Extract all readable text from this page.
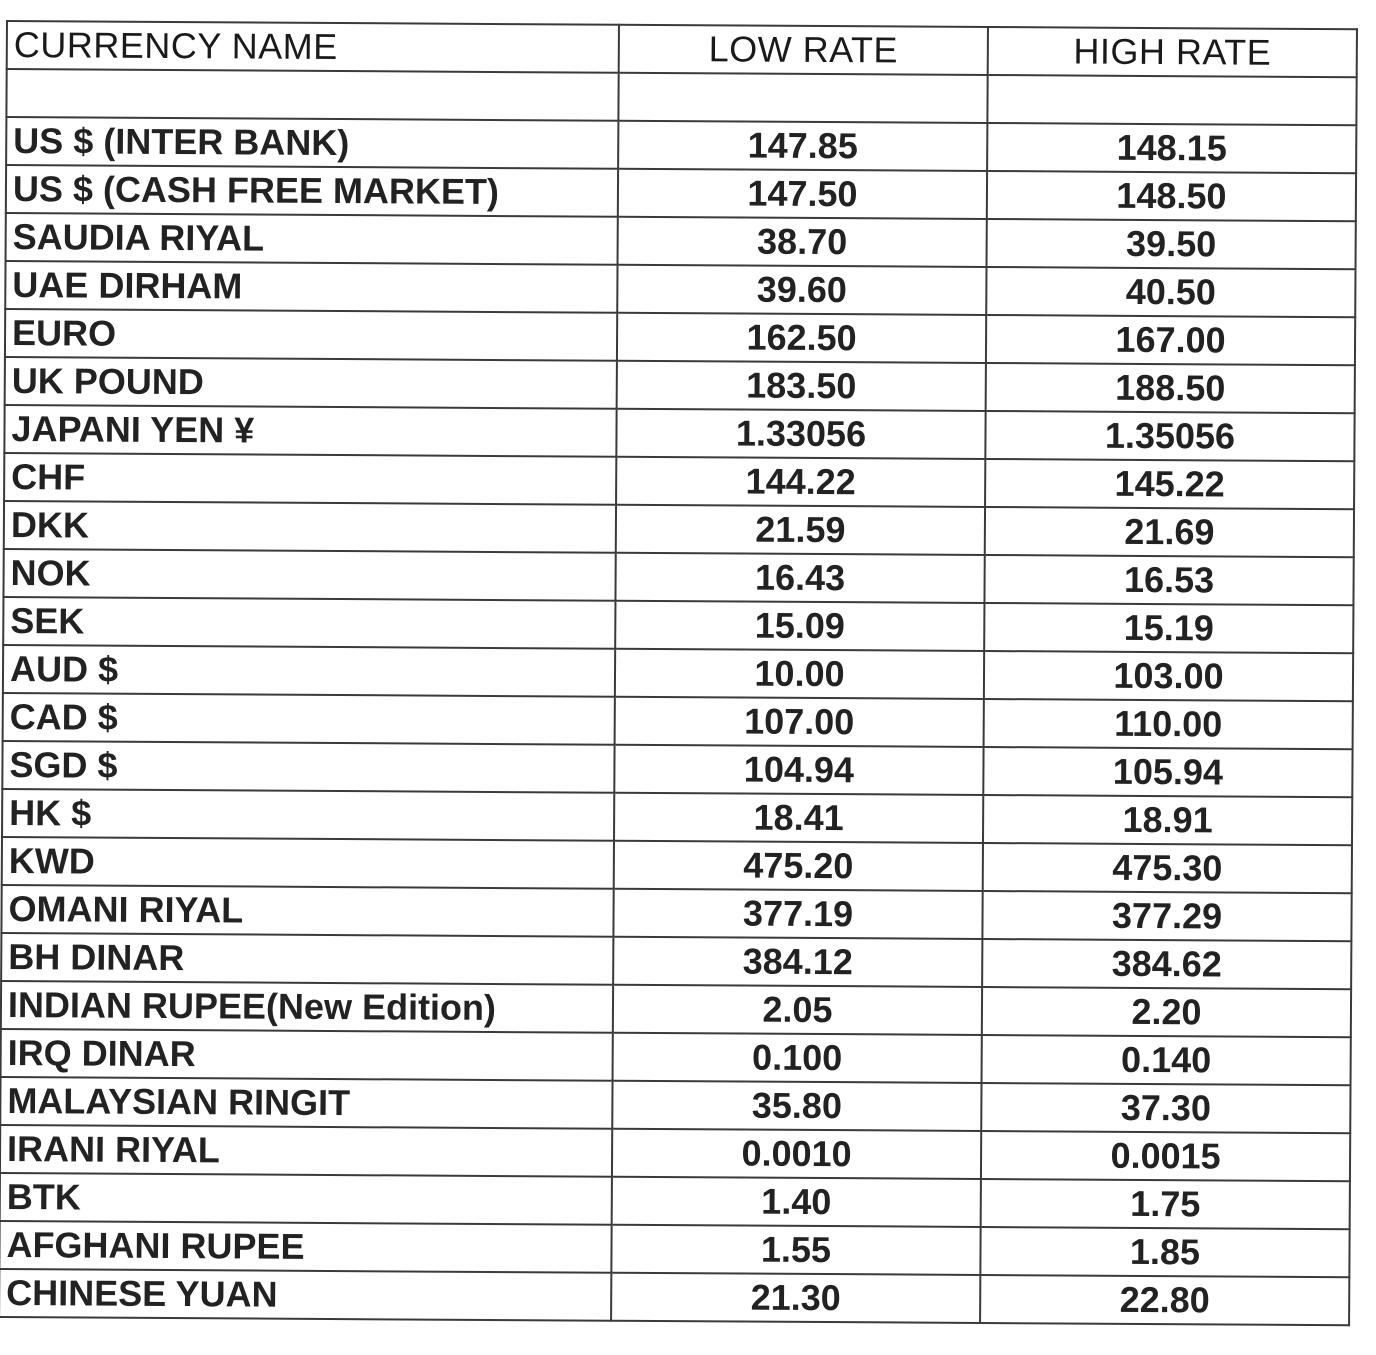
CURRENCY NAME	LOW RATE	HIGH RATE

US $ (INTER BANK)	147.85	148.15
US $ (CASH FREE MARKET)	147.50	148.50
SAUDIA RIYAL	38.70	39.50
UAE DIRHAM	39.60	40.50
EURO	162.50	167.00
UK POUND	183.50	188.50
JAPANI YEN ¥	1.33056	1.35056
CHF	144.22	145.22
DKK	21.59	21.69
NOK	16.43	16.53
SEK	15.09	15.19
AUD $	10.00	103.00
CAD $	107.00	110.00
SGD $	104.94	105.94
HK $	18.41	18.91
KWD	475.20	475.30
OMANI RIYAL	377.19	377.29
BH DINAR	384.12	384.62
INDIAN RUPEE(New Edition)	2.05	2.20
IRQ DINAR	0.100	0.140
MALAYSIAN RINGIT	35.80	37.30
IRANI RIYAL	0.0010	0.0015
BTK	1.40	1.75
AFGHANI RUPEE	1.55	1.85
CHINESE YUAN	21.30	22.80
